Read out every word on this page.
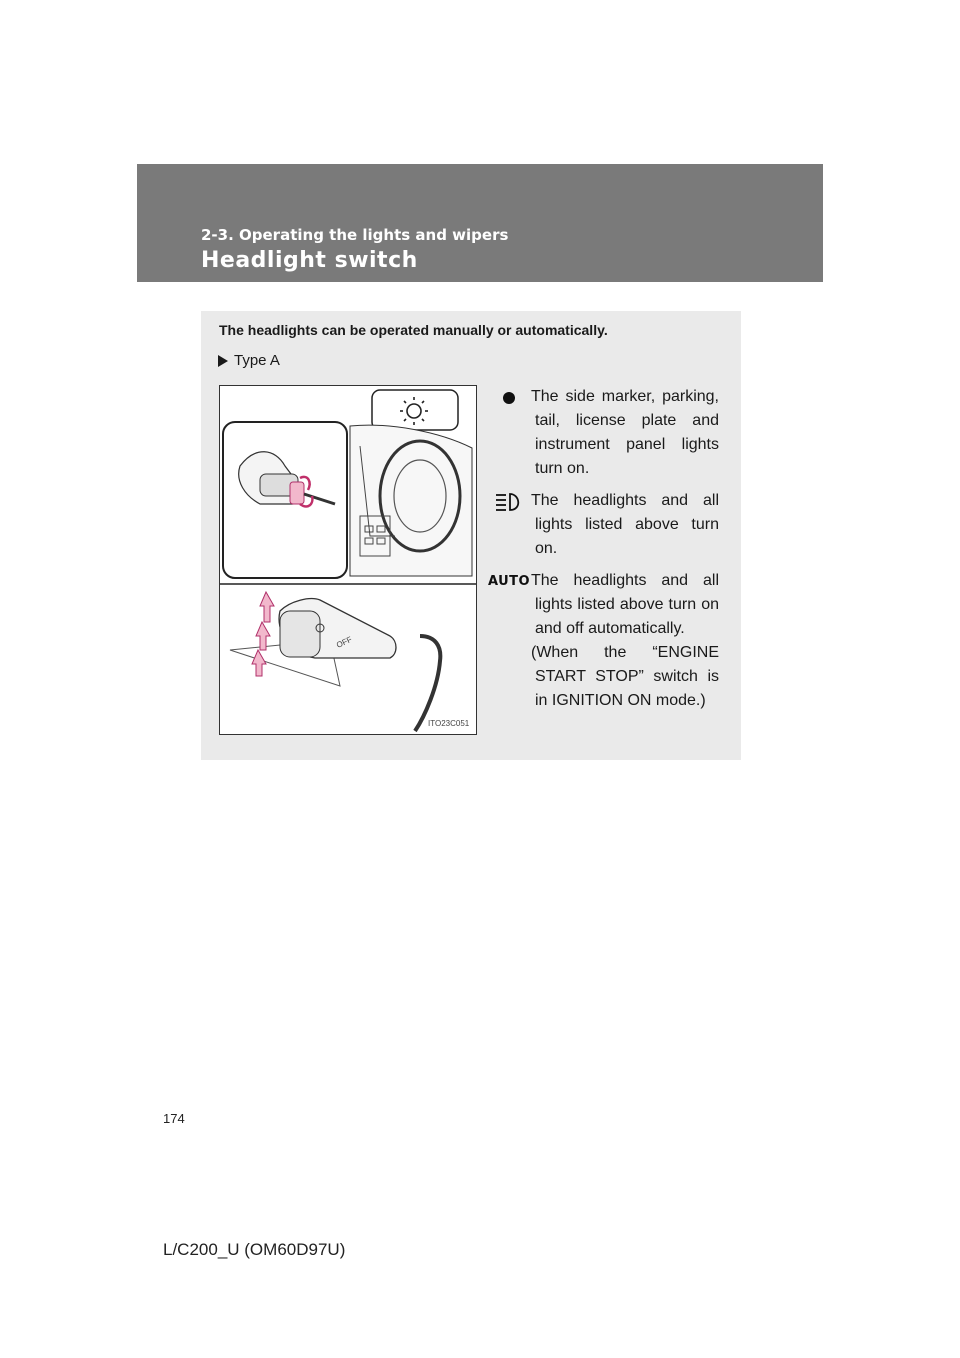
2-3. Operating the lights and wipers
Headlight switch
The headlights can be operated manually or automatically.
Type A
OFF
ITO23C051

The side marker, parking, tail, license plate and instrument panel lights turn on.

The headlights and all lights listed above turn on.

AUTO The headlights and all lights listed above turn on and off automatically.

(When the “ENGINE START STOP” switch is in IGNITION ON mode.)

174
L/C200_U (OM60D97U)
